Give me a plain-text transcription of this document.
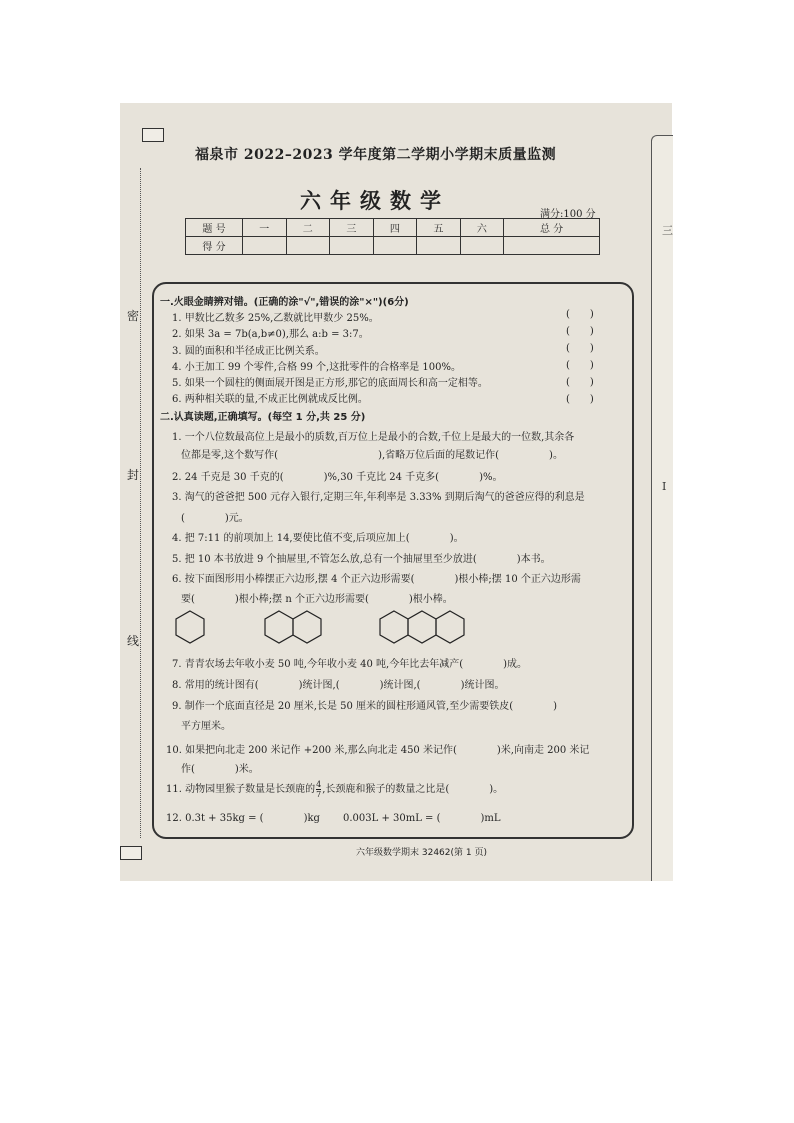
三
I
密
封
线
福泉市 2022–2023 学年度第二学期小学期末质量监测
六年级数学
满分:100 分
题 号	一	二	三	四	五	六	总 分
得 分							
一.火眼金睛辨对错。(正确的涂"√",错误的涂"×")(6分)
1. 甲数比乙数多 25%,乙数就比甲数少 25%。
2. 如果 3a = 7b(a,b≠0),那么 a:b = 3:7。
3. 圆的面积和半径成正比例关系。
4. 小王加工 99 个零件,合格 99 个,这批零件的合格率是 100%。
5. 如果一个圆柱的侧面展开图是正方形,那它的底面周长和高一定相等。
6. 两种相关联的量,不成正比例就成反比例。
(　　)
(　　)
(　　)
(　　)
(　　)
(　　)
二.认真读题,正确填写。(每空 1 分,共 25 分)
1. 一个八位数最高位上是最小的质数,百万位上是最小的合数,千位上是最大的一位数,其余各
位都是零,这个数写作(　　　　　　　　　　),省略万位后面的尾数记作(　　　　　)。
2. 24 千克是 30 千克的(　　　　)%,30 千克比 24 千克多(　　　　)%。
3. 淘气的爸爸把 500 元存入银行,定期三年,年利率是 3.33% 到期后淘气的爸爸应得的利息是
(　　　　)元。
4. 把 7:11 的前项加上 14,要使比值不变,后项应加上(　　　　)。
5. 把 10 本书放进 9 个抽屉里,不管怎么放,总有一个抽屉里至少放进(　　　　)本书。
6. 按下面图形用小棒摆正六边形,摆 4 个正六边形需要(　　　　)根小棒;摆 10 个正六边形需
要(　　　　)根小棒;摆 n 个正六边形需要(　　　　)根小棒。
7. 青青农场去年收小麦 50 吨,今年收小麦 40 吨,今年比去年减产(　　　　)成。
8. 常用的统计图有(　　　　)统计图,(　　　　)统计图,(　　　　)统计图。
9. 制作一个底面直径是 20 厘米,长是 50 厘米的圆柱形通风管,至少需要铁皮(　　　　)
平方厘米。
10. 如果把向北走 200 米记作 +200 米,那么向北走 450 米记作(　　　　)米,向南走 200 米记
作(　　　　)米。
11. 动物园里猴子数量是长颈鹿的 $\frac{4}{7}$ ,长颈鹿和猴子的数量之比是(　　　　)。
12. 0.3t + 35kg = (　　　　)kg 0.003L + 30mL = (　　　　)mL
六年级数学期末 32462(第 1 页)
